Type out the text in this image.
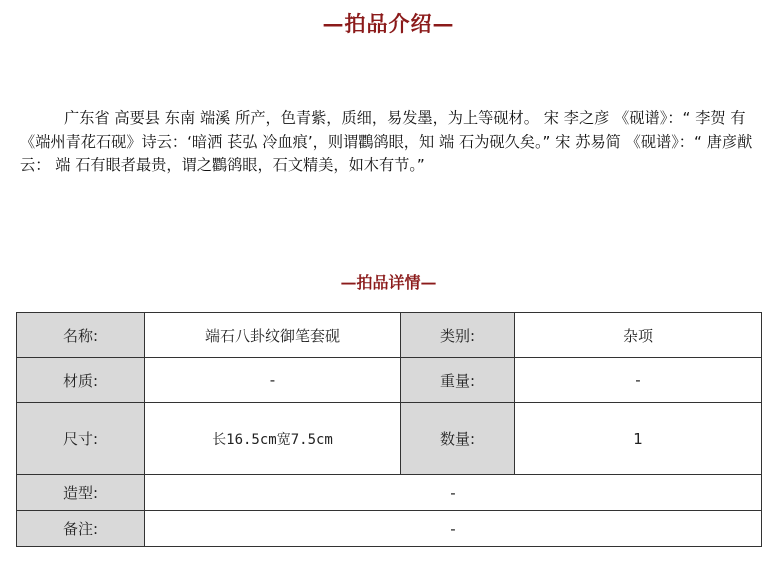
—拍品介绍—
广东省 高要县 东南 端溪 所产，色青紫，质细，易发墨，为上等砚材。 宋 李之彦 《砚谱》：“ 李贺 有《端州青花石砚》诗云：‘暗洒 苌弘 冷血痕’，则谓鸜鹆眼，知 端 石为砚久矣。” 宋 苏易简 《砚谱》：“ 唐彦猷 云： 端 石有眼者最贵，谓之鸜鹆眼，石文精美，如木有节。”
—拍品详情—
名称:	端石八卦纹御笔套砚	类别:	杂项
材质:	-	重量:	-
尺寸:	长16.5cm宽7.5cm	数量:	1
造型:	-		
备注:	-		
